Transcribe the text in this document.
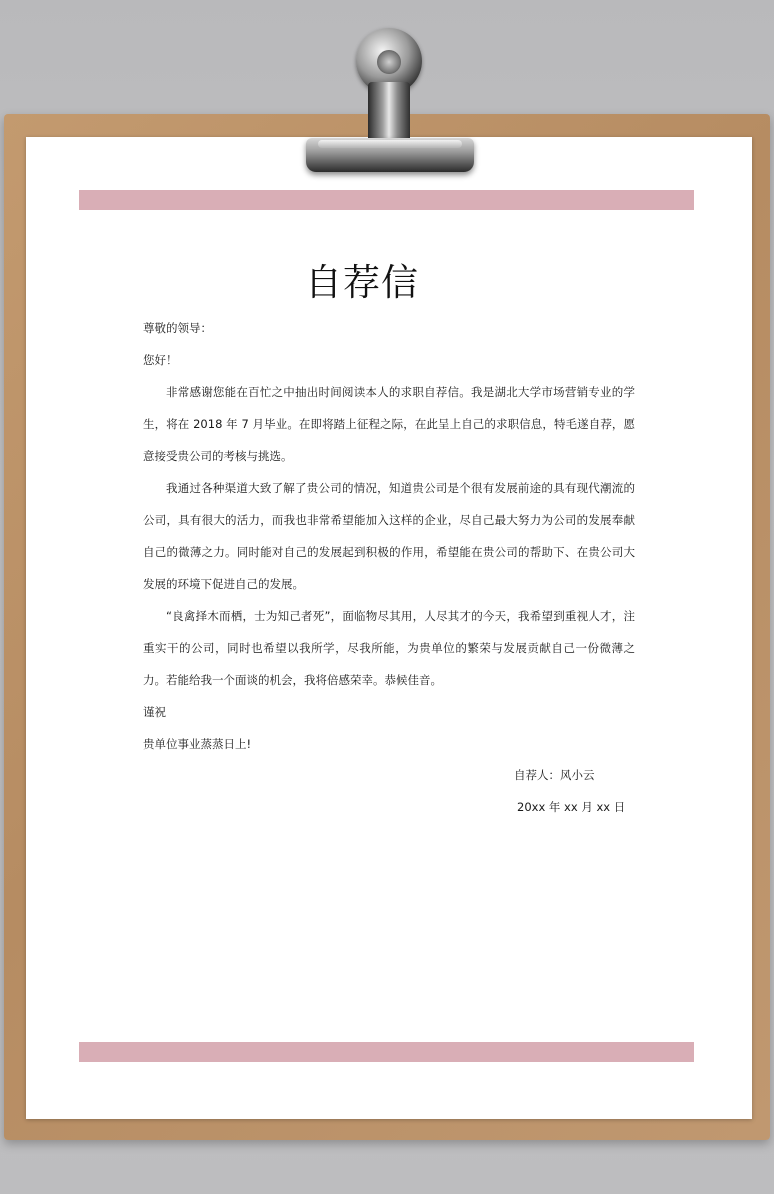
自荐信

尊敬的领导：

您好！

非常感谢您能在百忙之中抽出时间阅读本人的求职自荐信。我是湖北大学市场营销专业的学生，将在 2018 年 7 月毕业。在即将踏上征程之际，在此呈上自己的求职信息，特毛遂自荐，愿意接受贵公司的考核与挑选。

我通过各种渠道大致了解了贵公司的情况，知道贵公司是个很有发展前途的具有现代潮流的公司，具有很大的活力，而我也非常希望能加入这样的企业，尽自己最大努力为公司的发展奉献自己的微薄之力。同时能对自己的发展起到积极的作用，希望能在贵公司的帮助下、在贵公司大发展的环境下促进自己的发展。

“良禽择木而栖，士为知己者死”，面临物尽其用，人尽其才的今天，我希望到重视人才，注重实干的公司，同时也希望以我所学，尽我所能，为贵单位的繁荣与发展贡献自己一份微薄之力。若能给我一个面谈的机会，我将倍感荣幸。恭候佳音。

谨祝

贵单位事业蒸蒸日上!

自荐人：风小云
20xx 年 xx 月 xx 日
